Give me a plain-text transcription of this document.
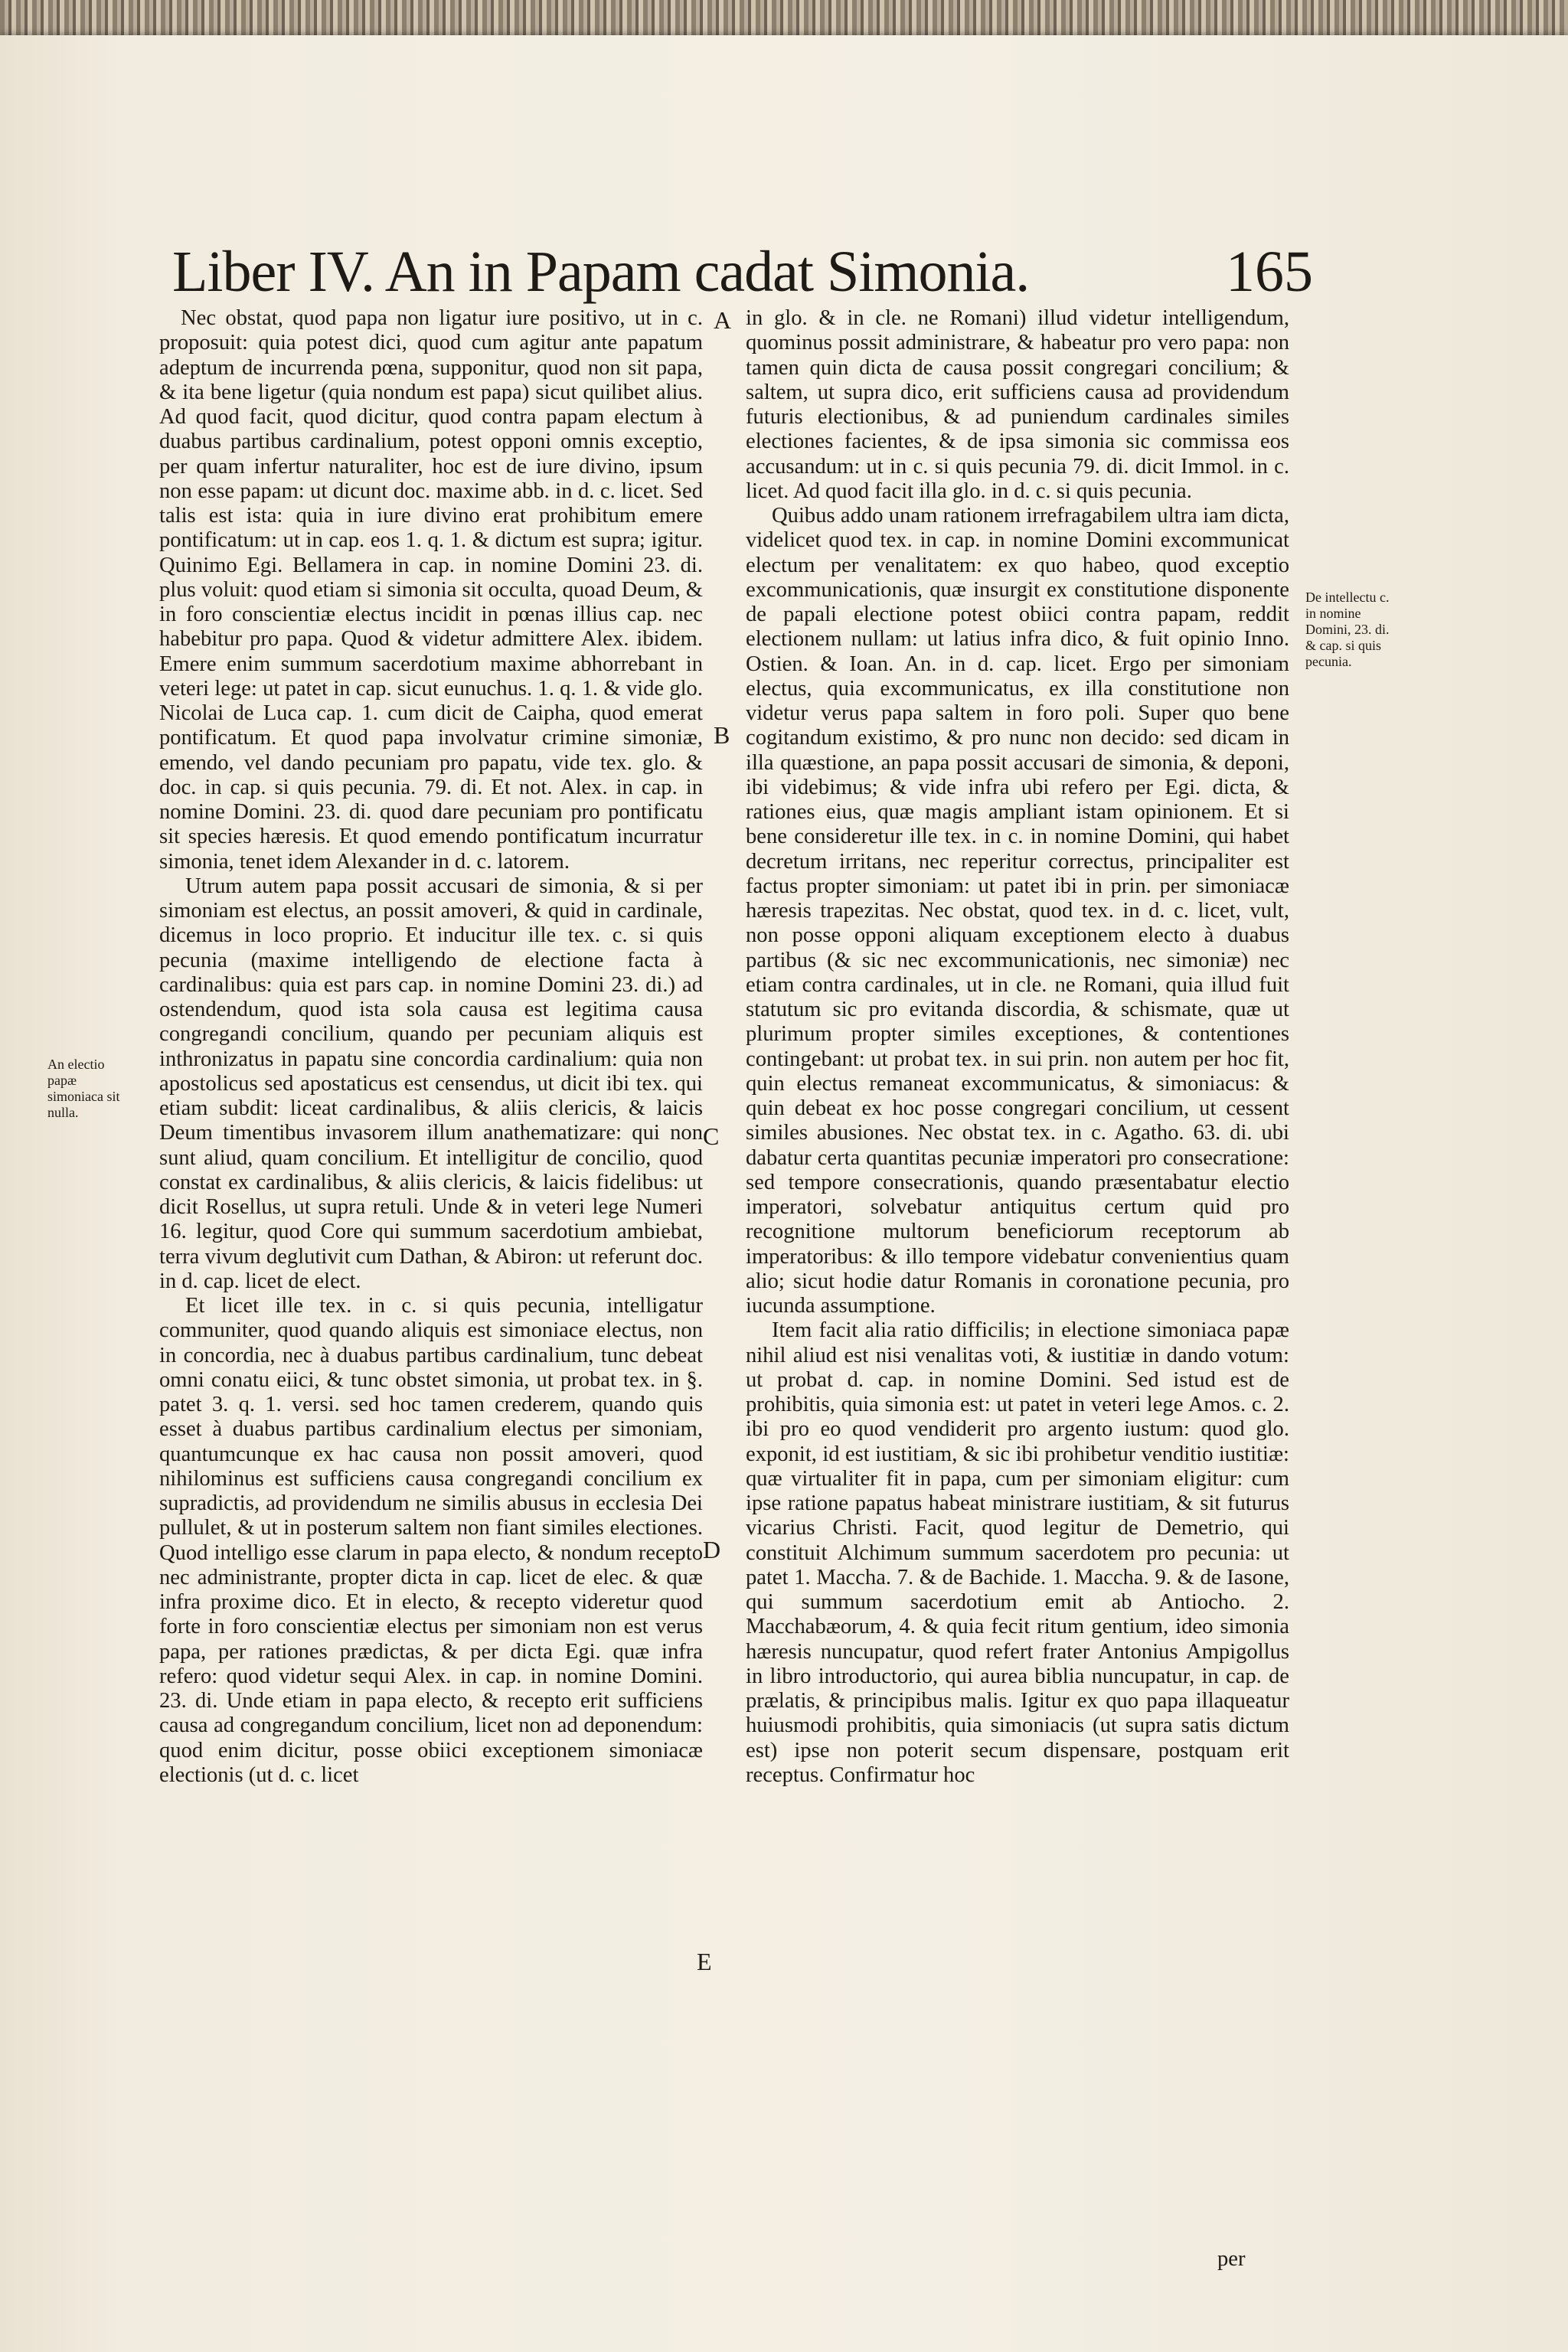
Liber IV. An in Papam cadat Simonia.	165

Nec obstat, quod papa non ligatur iure positivo, ut in c. proposuit: quia potest dici, quod cum agitur ante papatum adeptum de incurrenda pœna, supponitur, quod non sit papa, & ita bene ligetur (quia nondum est papa) sicut quilibet alius. Ad quod facit, quod dicitur, quod contra papam electum à duabus partibus cardinalium, potest opponi omnis exceptio, per quam infertur naturaliter, hoc est de iure divino, ipsum non esse papam: ut dicunt doc. maxime abb. in d. c. licet. Sed talis est ista: quia in iure divino erat prohibitum emere pontificatum: ut in cap. eos 1. q. 1. & dictum est supra; igitur. Quinimo Egi. Bellamera in cap. in nomine Domini 23. di. plus voluit: quod etiam si simonia sit occulta, quoad Deum, & in foro conscientiæ electus incidit in pœnas illius cap. nec habebitur pro papa. Quod & videtur admittere Alex. ibidem. Emere enim summum sacerdotium maxime abhorrebant in veteri lege: ut patet in cap. sicut eunuchus. 1. q. 1. & vide glo. Nicolai de Luca cap. 1. cum dicit de Caipha, quod emerat pontificatum. Et quod papa involvatur crimine simoniæ, emendo, vel dando pecuniam pro papatu, vide tex. glo. & doc. in cap. si quis pecunia. 79. di. Et not. Alex. in cap. in nomine Domini. 23. di. quod dare pecuniam pro pontificatu sit species hæresis. Et quod emendo pontificatum incurratur simonia, tenet idem Alexander in d. c. latorem.

Utrum autem papa possit accusari de simonia, & si per simoniam est electus, an possit amoveri, & quid in cardinale, dicemus in loco proprio. Et inducitur ille tex. c. si quis pecunia (maxime intelligendo de electione facta à cardinalibus: quia est pars cap. in nomine Domini 23. di.) ad ostendendum, quod ista sola causa est legitima causa congregandi concilium, quando per pecuniam aliquis est inthronizatus in papatu sine concordia cardinalium: quia non apostolicus sed apostaticus est censendus, ut dicit ibi tex. qui etiam subdit: liceat cardinalibus, & aliis clericis, & laicis Deum timentibus invasorem illum anathematizare: qui non sunt aliud, quam concilium. Et intelligitur de concilio, quod constat ex cardinalibus, & aliis clericis, & laicis fidelibus: ut dicit Rosellus, ut supra retuli. Unde & in veteri lege Numeri 16. legitur, quod Core qui summum sacerdotium ambiebat, terra vivum deglutivit cum Dathan, & Abiron: ut referunt doc. in d. cap. licet de elect.

Et licet ille tex. in c. si quis pecunia, intelligatur communiter, quod quando aliquis est simoniace electus, non in concordia, nec à duabus partibus cardinalium, tunc debeat omni conatu eiici, & tunc obstet simonia, ut probat tex. in §. patet 3. q. 1. versi. sed hoc tamen crederem, quando quis esset à duabus partibus cardinalium electus per simoniam, quantumcunque ex hac causa non possit amoveri, quod nihilominus est sufficiens causa congregandi concilium ex supradictis, ad providendum ne similis abusus in ecclesia Dei pullulet, & ut in posterum saltem non fiant similes electiones. Quod intelligo esse clarum in papa electo, & nondum recepto nec administrante, propter dicta in cap. licet de elec. & quæ infra proxime dico. Et in electo, & recepto videretur quod forte in foro conscientiæ electus per simoniam non est verus papa, per rationes prædictas, & per dicta Egi. quæ infra refero: quod videtur sequi Alex. in cap. in nomine Domini. 23. di. Unde etiam in papa electo, & recepto erit sufficiens causa ad congregandum concilium, licet non ad deponendum: quod enim dicitur, posse obiici exceptionem simoniacæ electionis (ut d. c. licet

in glo. & in cle. ne Romani) illud videtur intelligendum, quominus possit administrare, & habeatur pro vero papa: non tamen quin dicta de causa possit congregari concilium; & saltem, ut supra dico, erit sufficiens causa ad providendum futuris electionibus, & ad puniendum cardinales similes electiones facientes, & de ipsa simonia sic commissa eos accusandum: ut in c. si quis pecunia 79. di. dicit Immol. in c. licet. Ad quod facit illa glo. in d. c. si quis pecunia.

Quibus addo unam rationem irrefragabilem ultra iam dicta, videlicet quod tex. in cap. in nomine Domini excommunicat electum per venalitatem: ex quo habeo, quod exceptio excommunicationis, quæ insurgit ex constitutione disponente de papali electione potest obiici contra papam, reddit electionem nullam: ut latius infra dico, & fuit opinio Inno. Ostien. & Ioan. An. in d. cap. licet. Ergo per simoniam electus, quia excommunicatus, ex illa constitutione non videtur verus papa saltem in foro poli. Super quo bene cogitandum existimo, & pro nunc non decido: sed dicam in illa quæstione, an papa possit accusari de simonia, & deponi, ibi videbimus; & vide infra ubi refero per Egi. dicta, & rationes eius, quæ magis ampliant istam opinionem. Et si bene consideretur ille tex. in c. in nomine Domini, qui habet decretum irritans, nec reperitur correctus, principaliter est factus propter simoniam: ut patet ibi in prin. per simoniacæ hæresis trapezitas. Nec obstat, quod tex. in d. c. licet, vult, non posse opponi aliquam exceptionem electo à duabus partibus (& sic nec excommunicationis, nec simoniæ) nec etiam contra cardinales, ut in cle. ne Romani, quia illud fuit statutum sic pro evitanda discordia, & schismate, quæ ut plurimum propter similes exceptiones, & contentiones contingebant: ut probat tex. in sui prin. non autem per hoc fit, quin electus remaneat excommunicatus, & simoniacus: & quin debeat ex hoc posse congregari concilium, ut cessent similes abusiones. Nec obstat tex. in c. Agatho. 63. di. ubi dabatur certa quantitas pecuniæ imperatori pro consecratione: sed tempore consecrationis, quando præsentabatur electio imperatori, solvebatur antiquitus certum quid pro recognitione multorum beneficiorum receptorum ab imperatoribus: & illo tempore videbatur convenientius quam alio; sicut hodie datur Romanis in coronatione pecunia, pro iucunda assumptione.

Item facit alia ratio difficilis; in electione simoniaca papæ nihil aliud est nisi venalitas voti, & iustitiæ in dando votum: ut probat d. cap. in nomine Domini. Sed istud est de prohibitis, quia simonia est: ut patet in veteri lege Amos. c. 2. ibi pro eo quod vendiderit pro argento iustum: quod glo. exponit, id est iustitiam, & sic ibi prohibetur venditio iustitiæ: quæ virtualiter fit in papa, cum per simoniam eligitur: cum ipse ratione papatus habeat ministrare iustitiam, & sit futurus vicarius Christi. Facit, quod legitur de Demetrio, qui constituit Alchimum summum sacerdotem pro pecunia: ut patet 1. Maccha. 7. & de Bachide. 1. Maccha. 9. & de Iasone, qui summum sacerdotium emit ab Antiocho. 2. Macchabæorum, 4. & quia fecit ritum gentium, ideo simonia hæresis nuncupatur, quod refert frater Antonius Ampigollus in libro introductorio, qui aurea biblia nuncupatur, in cap. de prælatis, & principibus malis. Igitur ex quo papa illaqueatur huiusmodi prohibitis, quia simoniacis (ut supra satis dictum est) ipse non poterit secum dispensare, postquam erit receptus. Confirmatur hoc

A
B
C
D
E
An electio papæ simoniaca sit nulla.
De intellectu c. in nomine Domini, 23. di. & cap. si quis pecunia.
per
